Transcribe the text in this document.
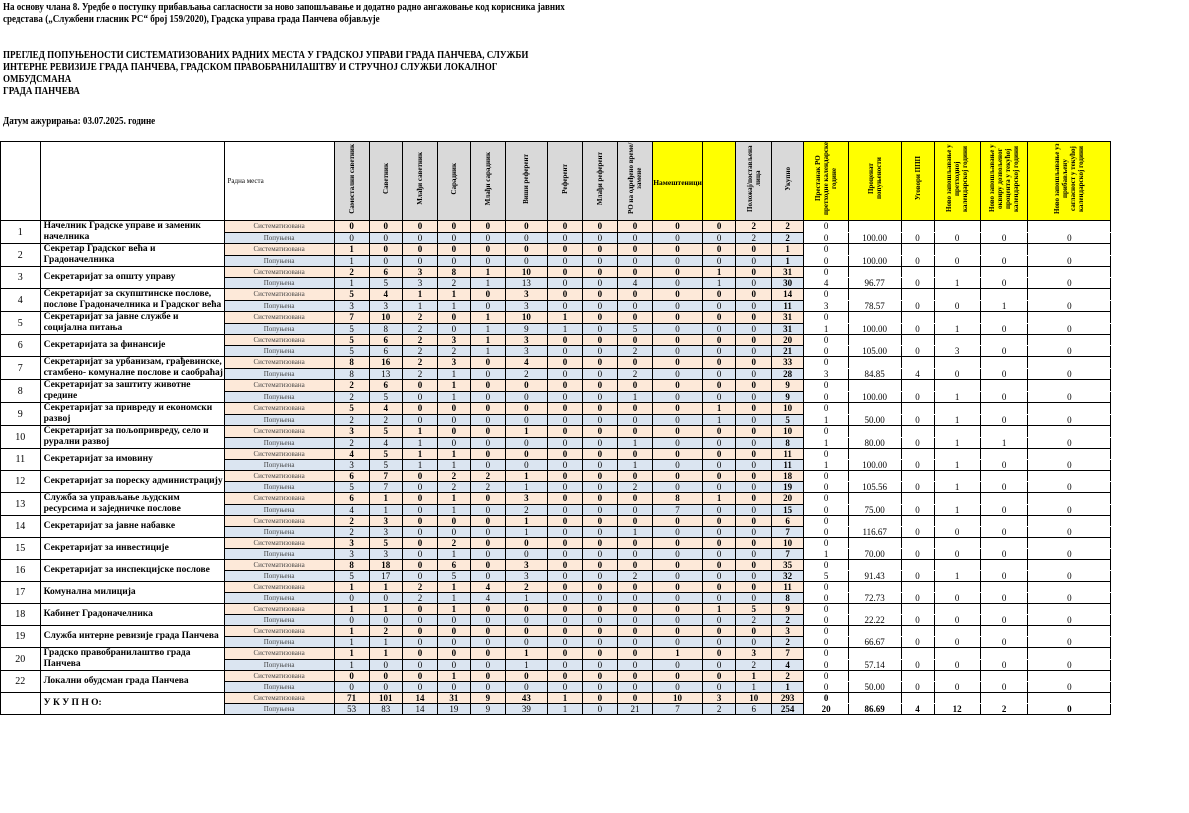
На основу члана 8. Уредбе о поступку прибављања сагласности за ново запошљавање и додатно радно ангажовање код корисника јавних
средстава („Службени гласник РС“ број 159/2020), Градска управа града Панчева објављује
ПРЕГЛЕД ПОПУЊЕНОСТИ СИСТЕМАТИЗОВАНИХ РАДНИХ МЕСТА У ГРАДСКОЈ УПРАВИ ГРАДА ПАНЧЕВА, СЛУЖБИ
ИНТЕРНЕ РЕВИЗИЈЕ ГРАДА ПАНЧЕВА, ГРАДСКОМ ПРАВОБРАНИЛАШТВУ И СТРУЧНОЈ СЛУЖБИ ЛОКАЛНОГ
ОМБУДСМАНА
ГРАДА ПАНЧЕВА
Датум ажурирања: 03.07.2025. године

		Радна места	Самостални саветник	Саветник	Млађи саветник	Сарадник	Млађи сарадник	Виши референт	Референт	Млађи референт	РО на одређено време/замене	Намештеници		Положај/постављена лица	Укупно	Престанак РО претходне календарске године	Проценат попуњености	Уговори ППП	Ново запошљавање у претходној календарској години	Ново запошљавање у оквиру дозвољеног процента у текућој календарској години	Ново запошљавање уз прибављену сагласност у текућој календарској години
1	Начелник Градске управе и заменик начелника	Систематизована	0	0	0	0	0	0	0	0	0	0	0	2	2	0					
		Попуњена	0	0	0	0	0	0	0	0	0	0	0	2	2	0	100.00	0	0	0	0
2	Секретар Градског већа и Градоначелника	Систематизована	1	0	0	0	0	0	0	0	0	0	0	0	1	0					
		Попуњена	1	0	0	0	0	0	0	0	0	0	0	0	1	0	100.00	0	0	0	0
3	Секретаријат за општу управу	Систематизована	2	6	3	8	1	10	0	0	0	0	1	0	31	0					
		Попуњена	1	5	3	2	1	13	0	0	4	0	1	0	30	4	96.77	0	1	0	0
4	Секретаријат за скупштинске послове, послове Градоначелника и Градског већа	Систематизована	5	4	1	1	0	3	0	0	0	0	0	0	14	0					
		Попуњена	3	3	1	1	0	3	0	0	0	0	0	0	11	3	78.57	0	0	1	0
5	Секретаријат за јавне службе и социјална питања	Систематизована	7	10	2	0	1	10	1	0	0	0	0	0	31	0					
		Попуњена	5	8	2	0	1	9	1	0	5	0	0	0	31	1	100.00	0	1	0	0
6	Секретаријата за финансије	Систематизована	5	6	2	3	1	3	0	0	0	0	0	0	20	0					
		Попуњена	5	6	2	2	1	3	0	0	2	0	0	0	21	0	105.00	0	3	0	0
7	Секретаријат за урбанизам, грађевинске, стамбено- комуналне послове и саобраћај	Систематизована	8	16	2	3	0	4	0	0	0	0	0	0	33	0					
		Попуњена	8	13	2	1	0	2	0	0	2	0	0	0	28	3	84.85	4	0	0	0
8	Секретаријат за заштиту животне средине	Систематизована	2	6	0	1	0	0	0	0	0	0	0	0	9	0					
		Попуњена	2	5	0	1	0	0	0	0	1	0	0	0	9	0	100.00	0	1	0	0
9	Секретаријат за привреду и економски развој	Систематизована	5	4	0	0	0	0	0	0	0	0	1	0	10	0					
		Попуњена	2	2	0	0	0	0	0	0	0	0	1	0	5	1	50.00	0	1	0	0
10	Секретаријат за пољопривреду, село и рурални развој	Систематизована	3	5	1	0	0	1	0	0	0	0	0	0	10	0					
		Попуњена	2	4	1	0	0	0	0	0	1	0	0	0	8	1	80.00	0	1	1	0
11	Секретаријат за имовину	Систематизована	4	5	1	1	0	0	0	0	0	0	0	0	11	0					
		Попуњена	3	5	1	1	0	0	0	0	1	0	0	0	11	1	100.00	0	1	0	0
12	Секретаријат за пореску администрацију	Систематизована	6	7	0	2	2	1	0	0	0	0	0	0	18	0					
		Попуњена	5	7	0	2	2	1	0	0	2	0	0	0	19	0	105.56	0	1	0	0
13	Служба за управљање људским ресурсима и заједничке послове	Систематизована	6	1	0	1	0	3	0	0	0	8	1	0	20	0					
		Попуњена	4	1	0	1	0	2	0	0	0	7	0	0	15	0	75.00	0	1	0	0
14	Секретаријат за јавне набавке	Систематизована	2	3	0	0	0	1	0	0	0	0	0	0	6	0					
		Попуњена	2	3	0	0	0	1	0	0	1	0	0	0	7	0	116.67	0	0	0	0
15	Секретаријат за инвестиције	Систематизована	3	5	0	2	0	0	0	0	0	0	0	0	10	0					
		Попуњена	3	3	0	1	0	0	0	0	0	0	0	0	7	1	70.00	0	0	0	0
16	Секретаријат за инспекцијске послове	Систематизована	8	18	0	6	0	3	0	0	0	0	0	0	35	0					
		Попуњена	5	17	0	5	0	3	0	0	2	0	0	0	32	5	91.43	0	1	0	0
17	Комунална милиција	Систематизована	1	1	2	1	4	2	0	0	0	0	0	0	11	0					
		Попуњена	0	0	2	1	4	1	0	0	0	0	0	0	8	0	72.73	0	0	0	0
18	Кабинет Градоначелника	Систематизована	1	1	0	1	0	0	0	0	0	0	1	5	9	0					
		Попуњена	0	0	0	0	0	0	0	0	0	0	0	2	2	0	22.22	0	0	0	0
19	Служба интерне ревизије града Панчева	Систематизована	1	2	0	0	0	0	0	0	0	0	0	0	3	0					
		Попуњена	1	1	0	0	0	0	0	0	0	0	0	0	2	0	66.67	0	0	0	0
20	Градско правобранилаштво града Панчева	Систематизована	1	1	0	0	0	1	0	0	0	1	0	3	7	0					
		Попуњена	1	0	0	0	0	1	0	0	0	0	0	2	4	0	57.14	0	0	0	0
22	Локални обудсман града Панчева	Систематизована	0	0	0	1	0	0	0	0	0	0	0	1	2	0					
		Попуњена	0	0	0	0	0	0	0	0	0	0	0	1	1	0	50.00	0	0	0	0
	У К У П Н О:	Систематизована	71	101	14	31	9	43	1	0	0	10	3	10	293	0					
		Попуњена	53	83	14	19	9	39	1	0	21	7	2	6	254	20	86.69	4	12	2	0
